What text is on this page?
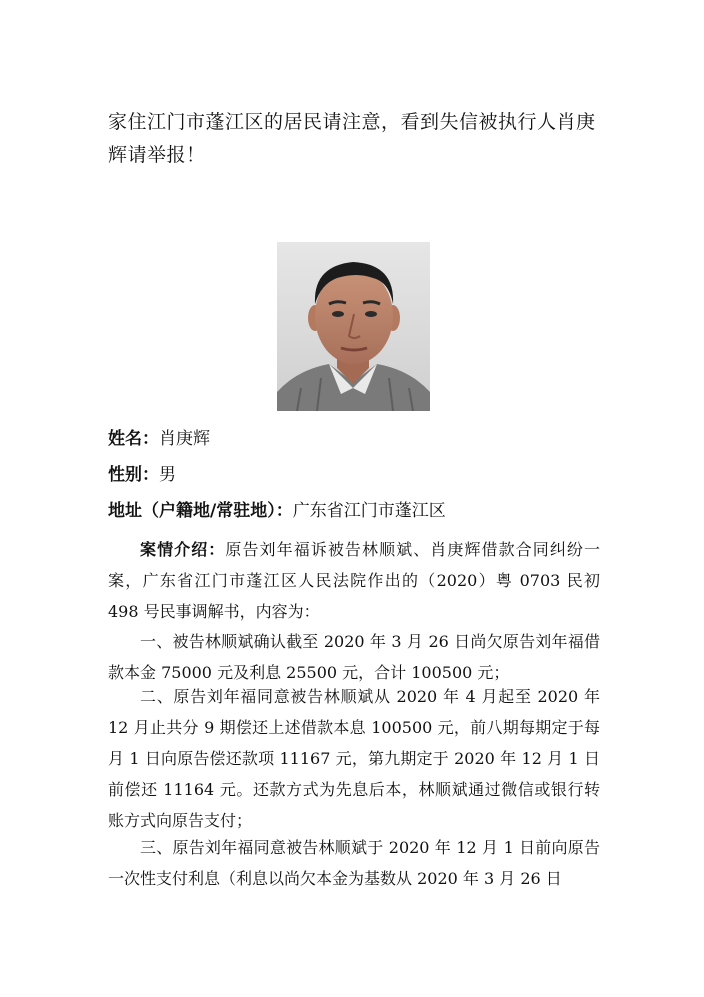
家住江门市蓬江区的居民请注意，看到失信被执行人肖庚辉请举报！
姓名：肖庚辉
性别：男
地址（户籍地/常驻地）：广东省江门市蓬江区
案情介绍：原告刘年福诉被告林顺斌、肖庚辉借款合同纠纷一案，广东省江门市蓬江区人民法院作出的（2020）粤 0703 民初 498 号民事调解书，内容为：
一、被告林顺斌确认截至 2020 年 3 月 26 日尚欠原告刘年福借款本金 75000 元及利息 25500 元，合计 100500 元；
二、原告刘年福同意被告林顺斌从 2020 年 4 月起至 2020 年 12 月止共分 9 期偿还上述借款本息 100500 元，前八期每期定于每月 1 日向原告偿还款项 11167 元，第九期定于 2020 年 12 月 1 日前偿还 11164 元。还款方式为先息后本，林顺斌通过微信或银行转账方式向原告支付；
三、原告刘年福同意被告林顺斌于 2020 年 12 月 1 日前向原告一次性支付利息（利息以尚欠本金为基数从 2020 年 3 月 26 日
